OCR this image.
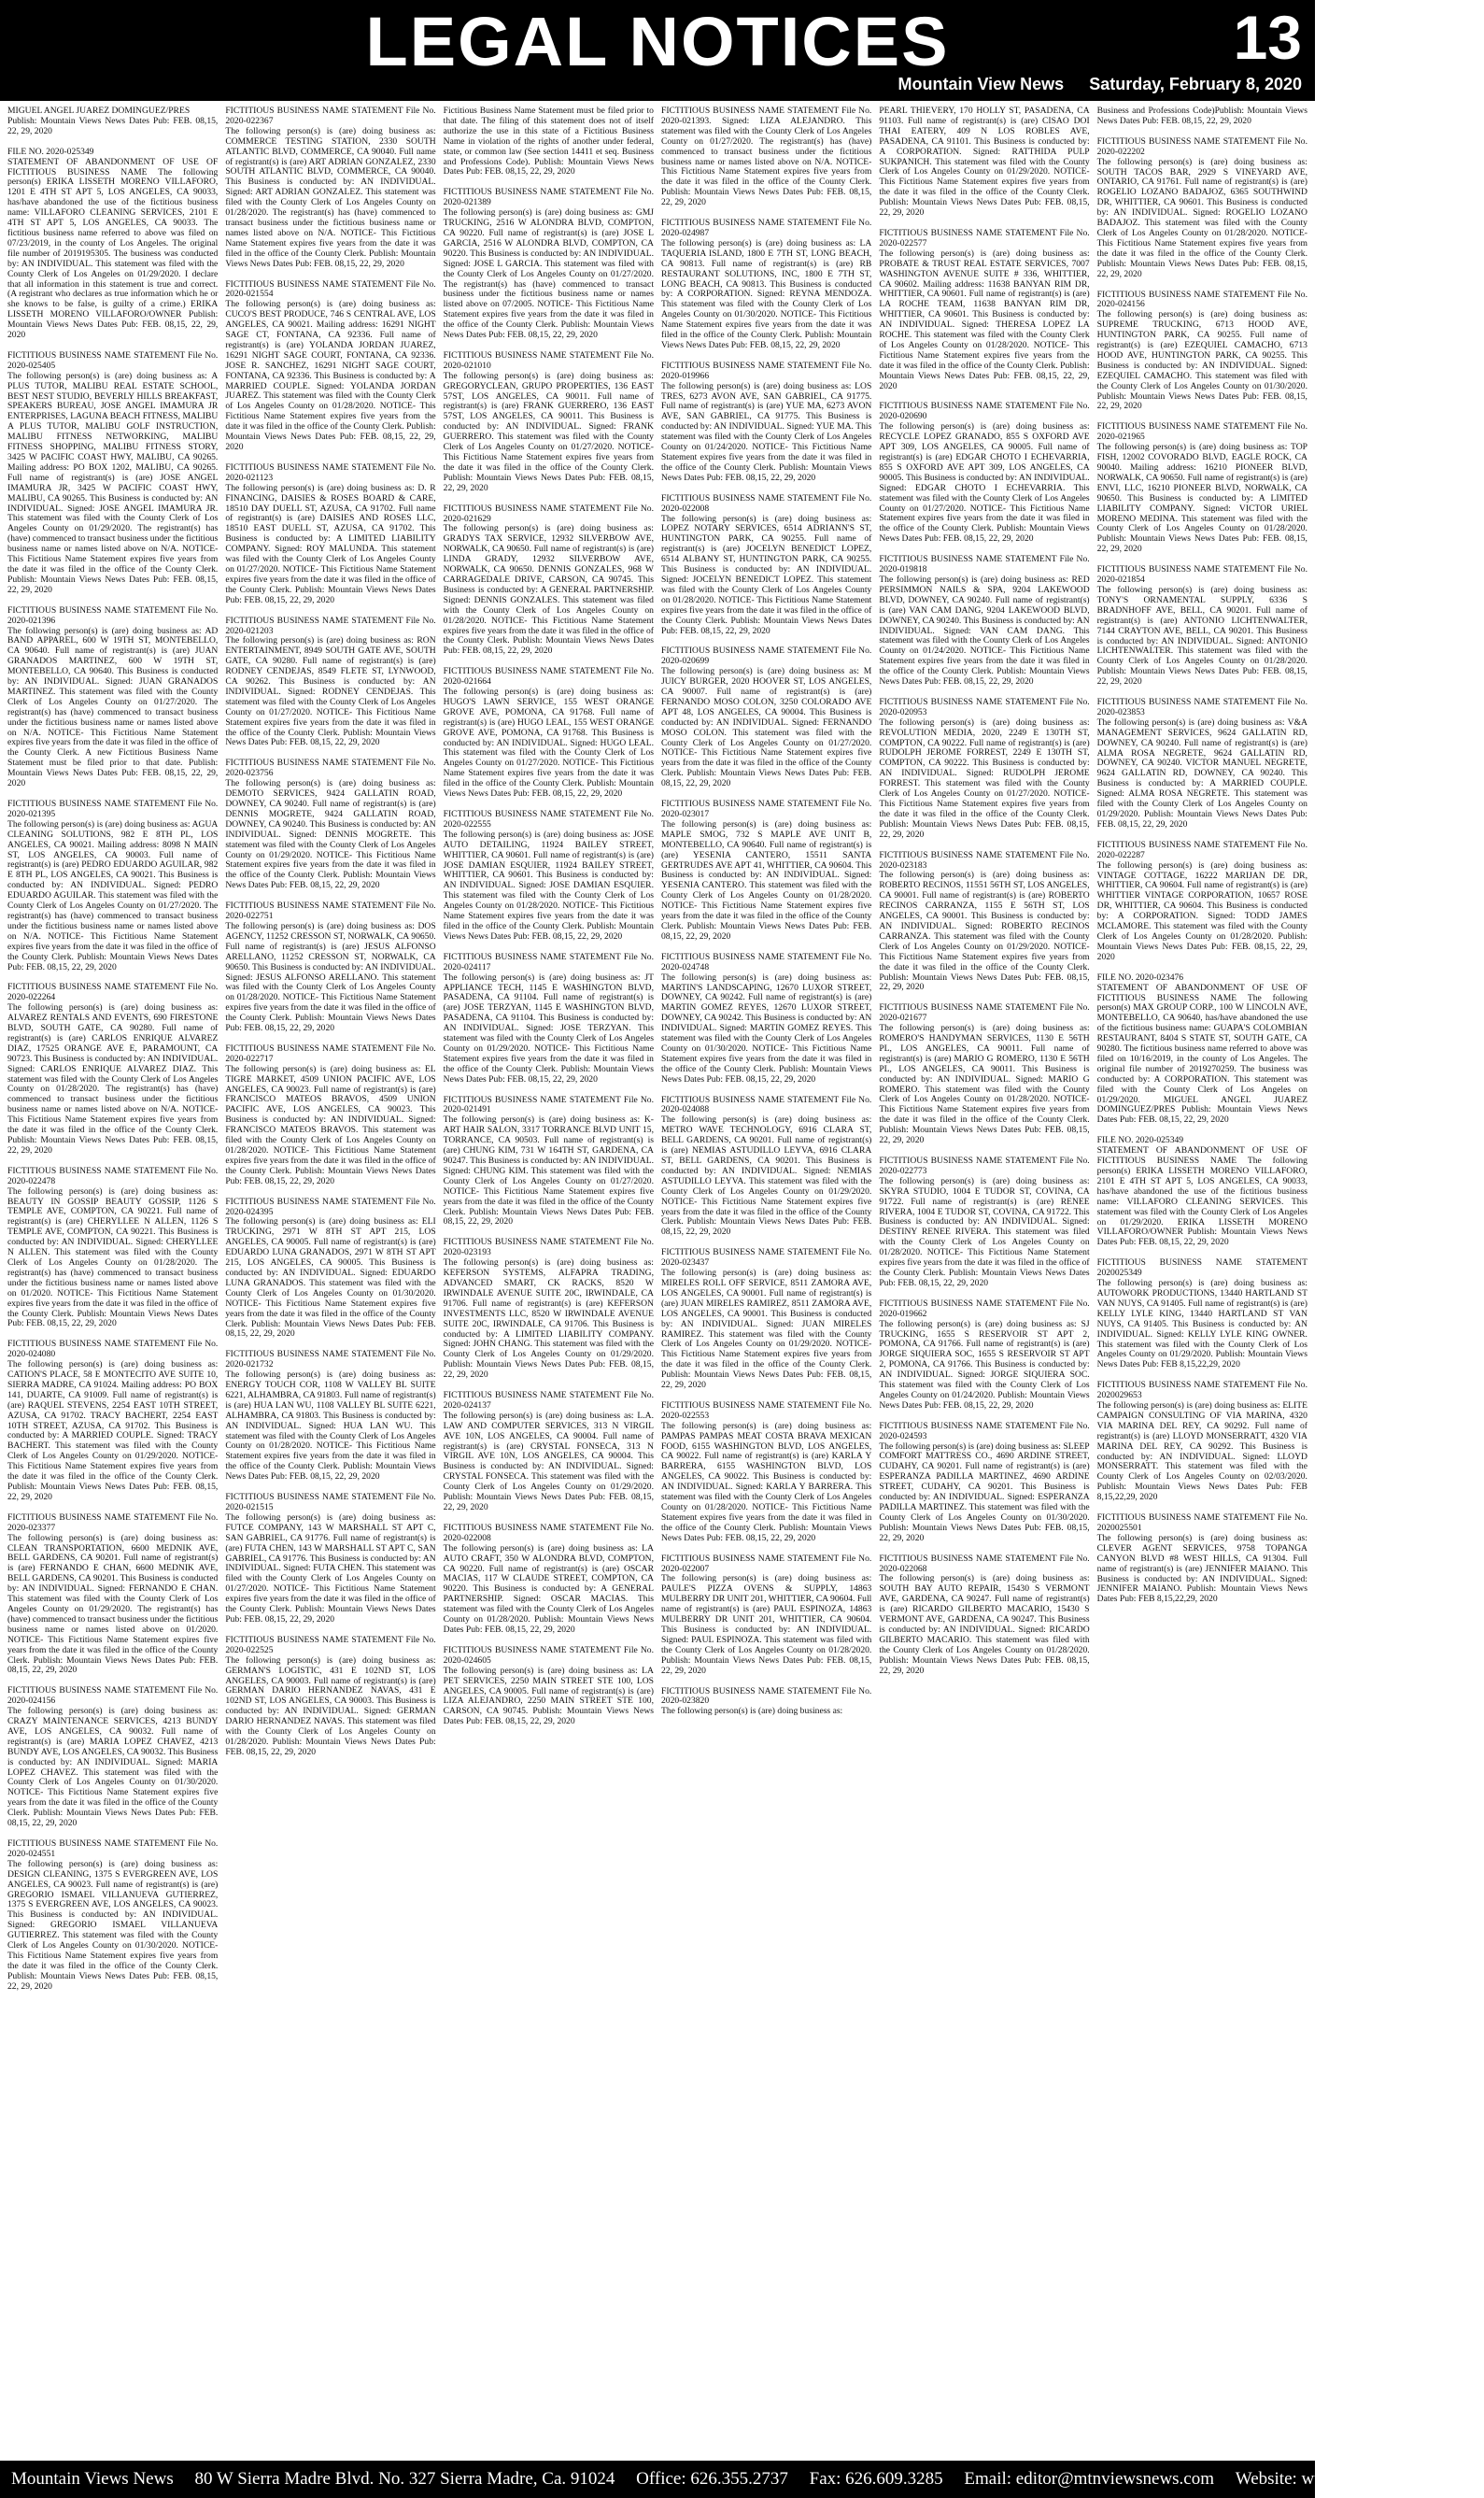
LEGAL NOTICES	13
Mountain View News Saturday, February 8, 2020

MIGUEL ANGEL JUAREZ DOMINGUEZ/PRES

Publish: Mountain Views News Dates Pub: FEB. 08,15, 22, 29, 2020

FILE NO. 2020-025349

STATEMENT OF ABANDONMENT OF USE OF FICTITIOUS BUSINESS NAME The following person(s) ERIKA LISSETH MORENO VILLAFORO, 1201 E 4TH ST APT 5, LOS ANGELES, CA 90033, has/have abandoned the use of the fictitious business name: VILLAFORO CLEANING SERVICES, 2101 E 4TH ST APT 5, LOS ANGELES, CA 90033. The fictitious business name referred to above was filed on 07/23/2019, in the county of Los Angeles. The original file number of 2019195305. The business was conducted by: AN INDIVIDUAL. This statement was filed with the County Clerk of Los Angeles on 01/29/2020. I declare that all information in this statement is true and correct. (A registrant who declares as true information which he or she knows to be false, is guilty of a crime.) ERIKA LISSETH MORENO VILLAFORO/OWNER Publish: Mountain Views News Dates Pub: FEB. 08,15, 22, 29, 2020

FICTITIOUS BUSINESS NAME STATEMENT File No. 2020-025405

The following person(s) is (are) doing business as: A PLUS TUTOR, MALIBU REAL ESTATE SCHOOL, BEST NEST STUDIO, BEVERLY HILLS BREAKFAST, SPEAKERS BUREAU, JOSE ANGEL IMAMURA JR ENTERPRISES, LAGUNA BEACH FITNESS, MALIBU A PLUS TUTOR, MALIBU GOLF INSTRUCTION, MALIBU FITNESS NETWORKING, MALIBU FITNESS SHOPPING, MALIBU FITNESS STORY, 3425 W PACIFIC COAST HWY, MALIBU, CA 90265. Mailing address: PO BOX 1202, MALIBU, CA 90265. Full name of registrant(s) is (are) JOSE ANGEL IMAMURA JR, 3425 W PACIFIC COAST HWY, MALIBU, CA 90265. This Business is conducted by: AN INDIVIDUAL. Signed: JOSE ANGEL IMAMURA JR. This statement was filed with the County Clerk of Los Angeles County on 01/29/2020. The registrant(s) has (have) commenced to transact business under the fictitious business name or names listed above on N/A. NOTICE- This Fictitious Name Statement expires five years from the date it was filed in the office of the County Clerk. Publish: Mountain Views News Dates Pub: FEB. 08,15, 22, 29, 2020

FICTITIOUS BUSINESS NAME STATEMENT File No. 2020-021396

The following person(s) is (are) doing business as: AD BAND APPAREL, 600 W 19TH ST, MONTEBELLO, CA 90640. Full name of registrant(s) is (are) JUAN GRANADOS MARTINEZ, 600 W 19TH ST, MONTEBELLO, CA 90640. This Business is conducted by: AN INDIVIDUAL. Signed: JUAN GRANADOS MARTINEZ. This statement was filed with the County Clerk of Los Angeles County on 01/27/2020. The registrant(s) has (have) commenced to transact business under the fictitious business name or names listed above on N/A. NOTICE- This Fictitious Name Statement expires five years from the date it was filed in the office of the County Clerk. A new Fictitious Business Name Statement must be filed prior to that date. Publish: Mountain Views News Dates Pub: FEB. 08,15, 22, 29, 2020

FICTITIOUS BUSINESS NAME STATEMENT File No. 2020-021395

The following person(s) is (are) doing business as: AGUA CLEANING SOLUTIONS, 982 E 8TH PL, LOS ANGELES, CA 90021. Mailing address: 8098 N MAIN ST, LOS ANGELES, CA 90003. Full name of registrant(s) is (are) PEDRO EDUARDO AGUILAR, 982 E 8TH PL, LOS ANGELES, CA 90021. This Business is conducted by: AN INDIVIDUAL. Signed: PEDRO EDUARDO AGUILAR. This statement was filed with the County Clerk of Los Angeles County on 01/27/2020. The registrant(s) has (have) commenced to transact business under the fictitious business name or names listed above on N/A. NOTICE- This Fictitious Name Statement expires five years from the date it was filed in the office of the County Clerk. Publish: Mountain Views News Dates Pub: FEB. 08,15, 22, 29, 2020

FICTITIOUS BUSINESS NAME STATEMENT File No. 2020-022264

The following person(s) is (are) doing business as: ALVAREZ RENTALS AND EVENTS, 690 FIRESTONE BLVD, SOUTH GATE, CA 90280. Full name of registrant(s) is (are) CARLOS ENRIQUE ALVAREZ DIAZ, 17525 ORANGE AVE E, PARAMOUNT, CA 90723. This Business is conducted by: AN INDIVIDUAL. Signed: CARLOS ENRIQUE ALVAREZ DIAZ. This statement was filed with the County Clerk of Los Angeles County on 01/28/2020. The registrant(s) has (have) commenced to transact business under the fictitious business name or names listed above on N/A. NOTICE- This Fictitious Name Statement expires five years from the date it was filed in the office of the County Clerk. Publish: Mountain Views News Dates Pub: FEB. 08,15, 22, 29, 2020

FICTITIOUS BUSINESS NAME STATEMENT File No. 2020-022478

The following person(s) is (are) doing business as: BEAUTY IN GOSSIP BEAUTY GOSSIP, 1126 S TEMPLE AVE, COMPTON, CA 90221. Full name of registrant(s) is (are) CHERYLLEE N ALLEN, 1126 S TEMPLE AVE, COMPTON, CA 90221. This Business is conducted by: AN INDIVIDUAL. Signed: CHERYLLEE N ALLEN. This statement was filed with the County Clerk of Los Angeles County on 01/28/2020. The registrant(s) has (have) commenced to transact business under the fictitious business name or names listed above on 01/2020. NOTICE- This Fictitious Name Statement expires five years from the date it was filed in the office of the County Clerk. Publish: Mountain Views News Dates Pub: FEB. 08,15, 22, 29, 2020

FICTITIOUS BUSINESS NAME STATEMENT File No. 2020-024080

The following person(s) is (are) doing business as: CATION'S PLACE, 58 E MONTECITO AVE SUITE 10, SIERRA MADRE, CA 91024. Mailing address: PO BOX 141, DUARTE, CA 91009. Full name of registrant(s) is (are) RAQUEL STEVENS, 2254 EAST 10TH STREET, AZUSA, CA 91702. TRACY BACHERT, 2254 EAST 10TH STREET, AZUSA, CA 91702. This Business is conducted by: A MARRIED COUPLE. Signed: TRACY BACHERT. This statement was filed with the County Clerk of Los Angeles County on 01/29/2020. NOTICE- This Fictitious Name Statement expires five years from the date it was filed in the office of the County Clerk. Publish: Mountain Views News Dates Pub: FEB. 08,15, 22, 29, 2020

FICTITIOUS BUSINESS NAME STATEMENT File No. 2020-023377

The following person(s) is (are) doing business as: CLEAN TRANSPORTATION, 6600 MEDNIK AVE, BELL GARDENS, CA 90201. Full name of registrant(s) is (are) FERNANDO E CHAN, 6600 MEDNIK AVE, BELL GARDENS, CA 90201. This Business is conducted by: AN INDIVIDUAL. Signed: FERNANDO E CHAN. This statement was filed with the County Clerk of Los Angeles County on 01/29/2020. The registrant(s) has (have) commenced to transact business under the fictitious business name or names listed above on 01/2020. NOTICE- This Fictitious Name Statement expires five years from the date it was filed in the office of the County Clerk. Publish: Mountain Views News Dates Pub: FEB. 08,15, 22, 29, 2020

FICTITIOUS BUSINESS NAME STATEMENT File No. 2020-024156

The following person(s) is (are) doing business as: CRAZY MAINTENANCE SERVICES, 4213 BUNDY AVE, LOS ANGELES, CA 90032. Full name of registrant(s) is (are) MARIA LOPEZ CHAVEZ, 4213 BUNDY AVE, LOS ANGELES, CA 90032. This Business is conducted by: AN INDIVIDUAL. Signed: MARIA LOPEZ CHAVEZ. This statement was filed with the County Clerk of Los Angeles County on 01/30/2020. NOTICE- This Fictitious Name Statement expires five years from the date it was filed in the office of the County Clerk. Publish: Mountain Views News Dates Pub: FEB. 08,15, 22, 29, 2020

FICTITIOUS BUSINESS NAME STATEMENT File No. 2020-024551

The following person(s) is (are) doing business as: DESIGN CLEANING, 1375 S EVERGREEN AVE, LOS ANGELES, CA 90023. Full name of registrant(s) is (are) GREGORIO ISMAEL VILLANUEVA GUTIERREZ, 1375 S EVERGREEN AVE, LOS ANGELES, CA 90023. This Business is conducted by: AN INDIVIDUAL. Signed: GREGORIO ISMAEL VILLANUEVA GUTIERREZ. This statement was filed with the County Clerk of Los Angeles County on 01/30/2020. NOTICE- This Fictitious Name Statement expires five years from the date it was filed in the office of the County Clerk. Publish: Mountain Views News Dates Pub: FEB. 08,15, 22, 29, 2020

FICTITIOUS BUSINESS NAME STATEMENT File No. 2020-022367

The following person(s) is (are) doing business as: COMMERCE TESTING STATION, 2330 SOUTH ATLANTIC BLVD, COMMERCE, CA 90040. Full name of registrant(s) is (are) ART ADRIAN GONZALEZ, 2330 SOUTH ATLANTIC BLVD, COMMERCE, CA 90040. This Business is conducted by: AN INDIVIDUAL. Signed: ART ADRIAN GONZALEZ. This statement was filed with the County Clerk of Los Angeles County on 01/28/2020. The registrant(s) has (have) commenced to transact business under the fictitious business name or names listed above on N/A. NOTICE- This Fictitious Name Statement expires five years from the date it was filed in the office of the County Clerk. Publish: Mountain Views News Dates Pub: FEB. 08,15, 22, 29, 2020

FICTITIOUS BUSINESS NAME STATEMENT File No. 2020-021554

The following person(s) is (are) doing business as: CUCO'S BEST PRODUCE, 746 S CENTRAL AVE, LOS ANGELES, CA 90021. Mailing address: 16291 NIGHT SAGE CT, FONTANA, CA 92336. Full name of registrant(s) is (are) YOLANDA JORDAN JUAREZ, 16291 NIGHT SAGE COURT, FONTANA, CA 92336. JOSE R. SANCHEZ, 16291 NIGHT SAGE COURT, FONTANA, CA 92336. This Business is conducted by: A MARRIED COUPLE. Signed: YOLANDA JORDAN JUAREZ. This statement was filed with the County Clerk of Los Angeles County on 01/28/2020. NOTICE- This Fictitious Name Statement expires five years from the date it was filed in the office of the County Clerk. Publish: Mountain Views News Dates Pub: FEB. 08,15, 22, 29, 2020

FICTITIOUS BUSINESS NAME STATEMENT File No. 2020-021123

The following person(s) is (are) doing business as: D. R FINANCING, DAISIES & ROSES BOARD & CARE, 18510 DAY DUELL ST, AZUSA, CA 91702. Full name of registrant(s) is (are) DAISIES AND ROSES LLC, 18510 EAST DUELL ST, AZUSA, CA 91702. This Business is conducted by: A LIMITED LIABILITY COMPANY. Signed: ROY MALUNDA. This statement was filed with the County Clerk of Los Angeles County on 01/27/2020. NOTICE- This Fictitious Name Statement expires five years from the date it was filed in the office of the County Clerk. Publish: Mountain Views News Dates Pub: FEB. 08,15, 22, 29, 2020

FICTITIOUS BUSINESS NAME STATEMENT File No. 2020-021203

The following person(s) is (are) doing business as: RON ENTERTAINMENT, 8949 SOUTH GATE AVE, SOUTH GATE, CA 90280. Full name of registrant(s) is (are) RODNEY CENDEJAS, 8549 FLETE ST, LYNWOOD, CA 90262. This Business is conducted by: AN INDIVIDUAL. Signed: RODNEY CENDEJAS. This statement was filed with the County Clerk of Los Angeles County on 01/27/2020. NOTICE- This Fictitious Name Statement expires five years from the date it was filed in the office of the County Clerk. Publish: Mountain Views News Dates Pub: FEB. 08,15, 22, 29, 2020

FICTITIOUS BUSINESS NAME STATEMENT File No. 2020-023756

The following person(s) is (are) doing business as: DEMOTO SERVICES, 9424 GALLATIN ROAD, DOWNEY, CA 90240. Full name of registrant(s) is (are) DENNIS MOGRETE, 9424 GALLATIN ROAD, DOWNEY, CA 90240. This Business is conducted by: AN INDIVIDUAL. Signed: DENNIS MOGRETE. This statement was filed with the County Clerk of Los Angeles County on 01/29/2020. NOTICE- This Fictitious Name Statement expires five years from the date it was filed in the office of the County Clerk. Publish: Mountain Views News Dates Pub: FEB. 08,15, 22, 29, 2020

FICTITIOUS BUSINESS NAME STATEMENT File No. 2020-022751

The following person(s) is (are) doing business as: DOS AGENCY, 11252 CRESSON ST, NORWALK, CA 90650. Full name of registrant(s) is (are) JESUS ALFONSO ARELLANO, 11252 CRESSON ST, NORWALK, CA 90650. This Business is conducted by: AN INDIVIDUAL. Signed: JESUS ALFONSO ARELLANO. This statement was filed with the County Clerk of Los Angeles County on 01/28/2020. NOTICE- This Fictitious Name Statement expires five years from the date it was filed in the office of the County Clerk. Publish: Mountain Views News Dates Pub: FEB. 08,15, 22, 29, 2020

FICTITIOUS BUSINESS NAME STATEMENT File No. 2020-022717

The following person(s) is (are) doing business as: EL TIGRE MARKET, 4509 UNION PACIFIC AVE, LOS ANGELES, CA 90023. Full name of registrant(s) is (are) FRANCISCO MATEOS BRAVOS, 4509 UNION PACIFIC AVE, LOS ANGELES, CA 90023. This Business is conducted by: AN INDIVIDUAL. Signed: FRANCISCO MATEOS BRAVOS. This statement was filed with the County Clerk of Los Angeles County on 01/28/2020. NOTICE- This Fictitious Name Statement expires five years from the date it was filed in the office of the County Clerk. Publish: Mountain Views News Dates Pub: FEB. 08,15, 22, 29, 2020

FICTITIOUS BUSINESS NAME STATEMENT File No. 2020-024395

The following person(s) is (are) doing business as: ELI TRUCKING, 2971 W 8TH ST APT 215, LOS ANGELES, CA 90005. Full name of registrant(s) is (are) EDUARDO LUNA GRANADOS, 2971 W 8TH ST APT 215, LOS ANGELES, CA 90005. This Business is conducted by: AN INDIVIDUAL. Signed: EDUARDO LUNA GRANADOS. This statement was filed with the County Clerk of Los Angeles County on 01/30/2020. NOTICE- This Fictitious Name Statement expires five years from the date it was filed in the office of the County Clerk. Publish: Mountain Views News Dates Pub: FEB. 08,15, 22, 29, 2020

FICTITIOUS BUSINESS NAME STATEMENT File No. 2020-021732

The following person(s) is (are) doing business as: ENERGY TOUCH COR, 1108 W VALLEY BL SUITE 6221, ALHAMBRA, CA 91803. Full name of registrant(s) is (are) HUA LAN WU, 1108 VALLEY BL SUITE 6221, ALHAMBRA, CA 91803. This Business is conducted by: AN INDIVIDUAL. Signed: HUA LAN WU. This statement was filed with the County Clerk of Los Angeles County on 01/28/2020. NOTICE- This Fictitious Name Statement expires five years from the date it was filed in the office of the County Clerk. Publish: Mountain Views News Dates Pub: FEB. 08,15, 22, 29, 2020

FICTITIOUS BUSINESS NAME STATEMENT File No. 2020-021515

The following person(s) is (are) doing business as: FUTCE COMPANY, 143 W MARSHALL ST APT C, SAN GABRIEL, CA 91776. Full name of registrant(s) is (are) FUTA CHEN, 143 W MARSHALL ST APT C, SAN GABRIEL, CA 91776. This Business is conducted by: AN INDIVIDUAL. Signed: FUTA CHEN. This statement was filed with the County Clerk of Los Angeles County on 01/27/2020. NOTICE- This Fictitious Name Statement expires five years from the date it was filed in the office of the County Clerk. Publish: Mountain Views News Dates Pub: FEB. 08,15, 22, 29, 2020

FICTITIOUS BUSINESS NAME STATEMENT File No. 2020-022525

The following person(s) is (are) doing business as: GERMAN'S LOGISTIC, 431 E 102ND ST, LOS ANGELES, CA 90003. Full name of registrant(s) is (are) GERMAN DARIO HERNANDEZ NAVAS, 431 E 102ND ST, LOS ANGELES, CA 90003. This Business is conducted by: AN INDIVIDUAL. Signed: GERMAN DARIO HERNANDEZ NAVAS. This statement was filed with the County Clerk of Los Angeles County on 01/28/2020. Publish: Mountain Views News Dates Pub: FEB. 08,15, 22, 29, 2020

Fictitious Business Name Statement must be filed prior to that date. The filing of this statement does not of itself authorize the use in this state of a Fictitious Business Name in violation of the rights of another under federal, state, or common law (See section 14411 et seq. Business and Professions Code). Publish: Mountain Views News Dates Pub: FEB. 08,15, 22, 29, 2020

FICTITIOUS BUSINESS NAME STATEMENT File No. 2020-021389

The following person(s) is (are) doing business as: GMJ TRUCKING, 2516 W ALONDRA BLVD, COMPTON, CA 90220. Full name of registrant(s) is (are) JOSE L GARCIA, 2516 W ALONDRA BLVD, COMPTON, CA 90220. This Business is conducted by: AN INDIVIDUAL. Signed: JOSE L GARCIA. This statement was filed with the County Clerk of Los Angeles County on 01/27/2020. The registrant(s) has (have) commenced to transact business under the fictitious business name or names listed above on 07/2005. NOTICE- This Fictitious Name Statement expires five years from the date it was filed in the office of the County Clerk. Publish: Mountain Views News Dates Pub: FEB. 08,15, 22, 29, 2020

FICTITIOUS BUSINESS NAME STATEMENT File No. 2020-021010

The following person(s) is (are) doing business as: GREGORYCLEAN, GRUPO PROPERTIES, 136 EAST 57ST, LOS ANGELES, CA 90011. Full name of registrant(s) is (are) FRANK GUERRERO, 136 EAST 57ST, LOS ANGELES, CA 90011. This Business is conducted by: AN INDIVIDUAL. Signed: FRANK GUERRERO. This statement was filed with the County Clerk of Los Angeles County on 01/27/2020. NOTICE- This Fictitious Name Statement expires five years from the date it was filed in the office of the County Clerk. Publish: Mountain Views News Dates Pub: FEB. 08,15, 22, 29, 2020

FICTITIOUS BUSINESS NAME STATEMENT File No. 2020-021629

The following person(s) is (are) doing business as: GRADYS TAX SERVICE, 12932 SILVERBOW AVE, NORWALK, CA 90650. Full name of registrant(s) is (are) LINDA GRADY, 12932 SILVERBOW AVE, NORWALK, CA 90650. DENNIS GONZALES, 968 W CARRAGEDALE DRIVE, CARSON, CA 90745. This Business is conducted by: A GENERAL PARTNERSHIP. Signed: DENNIS GONZALES. This statement was filed with the County Clerk of Los Angeles County on 01/28/2020. NOTICE- This Fictitious Name Statement expires five years from the date it was filed in the office of the County Clerk. Publish: Mountain Views News Dates Pub: FEB. 08,15, 22, 29, 2020

FICTITIOUS BUSINESS NAME STATEMENT File No. 2020-021664

The following person(s) is (are) doing business as: HUGO'S LAWN SERVICE, 155 WEST ORANGE GROVE AVE, POMONA, CA 91768. Full name of registrant(s) is (are) HUGO LEAL, 155 WEST ORANGE GROVE AVE, POMONA, CA 91768. This Business is conducted by: AN INDIVIDUAL. Signed: HUGO LEAL. This statement was filed with the County Clerk of Los Angeles County on 01/27/2020. NOTICE- This Fictitious Name Statement expires five years from the date it was filed in the office of the County Clerk. Publish: Mountain Views News Dates Pub: FEB. 08,15, 22, 29, 2020

FICTITIOUS BUSINESS NAME STATEMENT File No. 2020-022555

The following person(s) is (are) doing business as: JOSE AUTO DETAILING, 11924 BAILEY STREET, WHITTIER, CA 90601. Full name of registrant(s) is (are) JOSE DAMIAN ESQUIER, 11924 BAILEY STREET, WHITTIER, CA 90601. This Business is conducted by: AN INDIVIDUAL. Signed: JOSE DAMIAN ESQUIER. This statement was filed with the County Clerk of Los Angeles County on 01/28/2020. NOTICE- This Fictitious Name Statement expires five years from the date it was filed in the office of the County Clerk. Publish: Mountain Views News Dates Pub: FEB. 08,15, 22, 29, 2020

FICTITIOUS BUSINESS NAME STATEMENT File No. 2020-024117

The following person(s) is (are) doing business as: JT APPLIANCE TECH, 1145 E WASHINGTON BLVD, PASADENA, CA 91104. Full name of registrant(s) is (are) JOSE TERZYAN, 1145 E WASHINGTON BLVD, PASADENA, CA 91104. This Business is conducted by: AN INDIVIDUAL. Signed: JOSE TERZYAN. This statement was filed with the County Clerk of Los Angeles County on 01/29/2020. NOTICE- This Fictitious Name Statement expires five years from the date it was filed in the office of the County Clerk. Publish: Mountain Views News Dates Pub: FEB. 08,15, 22, 29, 2020

FICTITIOUS BUSINESS NAME STATEMENT File No. 2020-021491

The following person(s) is (are) doing business as: K-ART HAIR SALON, 3317 TORRANCE BLVD UNIT 15, TORRANCE, CA 90503. Full name of registrant(s) is (are) CHUNG KIM, 731 W 164TH ST, GARDENA, CA 90247. This Business is conducted by: AN INDIVIDUAL. Signed: CHUNG KIM. This statement was filed with the County Clerk of Los Angeles County on 01/27/2020. NOTICE- This Fictitious Name Statement expires five years from the date it was filed in the office of the County Clerk. Publish: Mountain Views News Dates Pub: FEB. 08,15, 22, 29, 2020

FICTITIOUS BUSINESS NAME STATEMENT File No. 2020-023193

The following person(s) is (are) doing business as: KEFERSON SYSTEMS, ALFAPRA TRADING, ADVANCED SMART, CK RACKS, 8520 W IRWINDALE AVENUE SUITE 20C, IRWINDALE, CA 91706. Full name of registrant(s) is (are) KEFERSON INVESTMENTS LLC, 8520 W IRWINDALE AVENUE SUITE 20C, IRWINDALE, CA 91706. This Business is conducted by: A LIMITED LIABILITY COMPANY. Signed: JOHN CHANG. This statement was filed with the County Clerk of Los Angeles County on 01/29/2020. Publish: Mountain Views News Dates Pub: FEB. 08,15, 22, 29, 2020

FICTITIOUS BUSINESS NAME STATEMENT File No. 2020-024137

The following person(s) is (are) doing business as: L.A. LAW AND COMPUTER SERVICES, 313 N VIRGIL AVE 10N, LOS ANGELES, CA 90004. Full name of registrant(s) is (are) CRYSTAL FONSECA, 313 N VIRGIL AVE 10N, LOS ANGELES, CA 90004. This Business is conducted by: AN INDIVIDUAL. Signed: CRYSTAL FONSECA. This statement was filed with the County Clerk of Los Angeles County on 01/29/2020. Publish: Mountain Views News Dates Pub: FEB. 08,15, 22, 29, 2020

FICTITIOUS BUSINESS NAME STATEMENT File No. 2020-022008

The following person(s) is (are) doing business as: LA AUTO CRAFT, 350 W ALONDRA BLVD, COMPTON, CA 90220. Full name of registrant(s) is (are) OSCAR MACIAS, 117 W CLAUDE STREET, COMPTON, CA 90220. This Business is conducted by: A GENERAL PARTNERSHIP. Signed: OSCAR MACIAS. This statement was filed with the County Clerk of Los Angeles County on 01/28/2020. Publish: Mountain Views News Dates Pub: FEB. 08,15, 22, 29, 2020

FICTITIOUS BUSINESS NAME STATEMENT File No. 2020-024605

The following person(s) is (are) doing business as: LA PET SERVICES, 2250 MAIN STREET STE 100, LOS ANGELES, CA 90005. Full name of registrant(s) is (are) LIZA ALEJANDRO, 2250 MAIN STREET STE 100, CARSON, CA 90745. Publish: Mountain Views News Dates Pub: FEB. 08,15, 22, 29, 2020

FICTITIOUS BUSINESS NAME STATEMENT File No. 2020-021393. Signed: LIZA ALEJANDRO. This statement was filed with the County Clerk of Los Angeles County on 01/27/2020. The registrant(s) has (have) commenced to transact business under the fictitious business name or names listed above on N/A. NOTICE- This Fictitious Name Statement expires five years from the date it was filed in the office of the County Clerk. Publish: Mountain Views News Dates Pub: FEB. 08,15, 22, 29, 2020

FICTITIOUS BUSINESS NAME STATEMENT File No. 2020-024987

The following person(s) is (are) doing business as: LA TAQUERIA ISLAND, 1800 E 7TH ST, LONG BEACH, CA 90813. Full name of registrant(s) is (are) RB RESTAURANT SOLUTIONS, INC, 1800 E 7TH ST, LONG BEACH, CA 90813. This Business is conducted by: A CORPORATION. Signed: REYNA MENDOZA. This statement was filed with the County Clerk of Los Angeles County on 01/30/2020. NOTICE- This Fictitious Name Statement expires five years from the date it was filed in the office of the County Clerk. Publish: Mountain Views News Dates Pub: FEB. 08,15, 22, 29, 2020

FICTITIOUS BUSINESS NAME STATEMENT File No. 2020-019966

The following person(s) is (are) doing business as: LOS TRES, 6273 AVON AVE, SAN GABRIEL, CA 91775. Full name of registrant(s) is (are) YUE MA, 6273 AVON AVE, SAN GABRIEL, CA 91775. This Business is conducted by: AN INDIVIDUAL. Signed: YUE MA. This statement was filed with the County Clerk of Los Angeles County on 01/24/2020. NOTICE- This Fictitious Name Statement expires five years from the date it was filed in the office of the County Clerk. Publish: Mountain Views News Dates Pub: FEB. 08,15, 22, 29, 2020

FICTITIOUS BUSINESS NAME STATEMENT File No. 2020-022008

The following person(s) is (are) doing business as: LOPEZ NOTARY SERVICES, 6514 ADRIANN'S ST, HUNTINGTON PARK, CA 90255. Full name of registrant(s) is (are) JOCELYN BENEDICT LOPEZ, 6514 ALBANY ST, HUNTINGTON PARK, CA 90255. This Business is conducted by: AN INDIVIDUAL. Signed: JOCELYN BENEDICT LOPEZ. This statement was filed with the County Clerk of Los Angeles County on 01/28/2020. NOTICE- This Fictitious Name Statement expires five years from the date it was filed in the office of the County Clerk. Publish: Mountain Views News Dates Pub: FEB. 08,15, 22, 29, 2020

FICTITIOUS BUSINESS NAME STATEMENT File No. 2020-020699

The following person(s) is (are) doing business as: M JUICY BURGER, 2020 HOOVER ST, LOS ANGELES, CA 90007. Full name of registrant(s) is (are) FERNANDO MOSO COLON, 3250 COLORADO AVE APT 48, LOS ANGELES, CA 90004. This Business is conducted by: AN INDIVIDUAL. Signed: FERNANDO MOSO COLON. This statement was filed with the County Clerk of Los Angeles County on 01/27/2020. NOTICE- This Fictitious Name Statement expires five years from the date it was filed in the office of the County Clerk. Publish: Mountain Views News Dates Pub: FEB. 08,15, 22, 29, 2020

FICTITIOUS BUSINESS NAME STATEMENT File No. 2020-023017

The following person(s) is (are) doing business as: MAPLE SMOG, 732 S MAPLE AVE UNIT B, MONTEBELLO, CA 90640. Full name of registrant(s) is (are) YESENIA CANTERO, 15511 SANTA GERTRUDES AVE APT 41, WHITTIER, CA 90604. This Business is conducted by: AN INDIVIDUAL. Signed: YESENIA CANTERO. This statement was filed with the County Clerk of Los Angeles County on 01/28/2020. NOTICE- This Fictitious Name Statement expires five years from the date it was filed in the office of the County Clerk. Publish: Mountain Views News Dates Pub: FEB. 08,15, 22, 29, 2020

FICTITIOUS BUSINESS NAME STATEMENT File No. 2020-024748

The following person(s) is (are) doing business as: MARTIN'S LANDSCAPING, 12670 LUXOR STREET, DOWNEY, CA 90242. Full name of registrant(s) is (are) MARTIN GOMEZ REYES, 12670 LUXOR STREET, DOWNEY, CA 90242. This Business is conducted by: AN INDIVIDUAL. Signed: MARTIN GOMEZ REYES. This statement was filed with the County Clerk of Los Angeles County on 01/30/2020. NOTICE- This Fictitious Name Statement expires five years from the date it was filed in the office of the County Clerk. Publish: Mountain Views News Dates Pub: FEB. 08,15, 22, 29, 2020

FICTITIOUS BUSINESS NAME STATEMENT File No. 2020-024088

The following person(s) is (are) doing business as: METRO WAVE TECHNOLOGY, 6916 CLARA ST, BELL GARDENS, CA 90201. Full name of registrant(s) is (are) NEMIAS ASTUDILLO LEYVA, 6916 CLARA ST, BELL GARDENS, CA 90201. This Business is conducted by: AN INDIVIDUAL. Signed: NEMIAS ASTUDILLO LEYVA. This statement was filed with the County Clerk of Los Angeles County on 01/29/2020. NOTICE- This Fictitious Name Statement expires five years from the date it was filed in the office of the County Clerk. Publish: Mountain Views News Dates Pub: FEB. 08,15, 22, 29, 2020

FICTITIOUS BUSINESS NAME STATEMENT File No. 2020-023437

The following person(s) is (are) doing business as: MIRELES ROLL OFF SERVICE, 8511 ZAMORA AVE, LOS ANGELES, CA 90001. Full name of registrant(s) is (are) JUAN MIRELES RAMIREZ, 8511 ZAMORA AVE, LOS ANGELES, CA 90001. This Business is conducted by: AN INDIVIDUAL. Signed: JUAN MIRELES RAMIREZ. This statement was filed with the County Clerk of Los Angeles County on 01/29/2020. NOTICE- This Fictitious Name Statement expires five years from the date it was filed in the office of the County Clerk. Publish: Mountain Views News Dates Pub: FEB. 08,15, 22, 29, 2020

FICTITIOUS BUSINESS NAME STATEMENT File No. 2020-022553

The following person(s) is (are) doing business as: PAMPAS PAMPAS MEAT COSTA BRAVA MEXICAN FOOD, 6155 WASHINGTON BLVD, LOS ANGELES, CA 90022. Full name of registrant(s) is (are) KARLA Y BARRERA, 6155 WASHINGTON BLVD, LOS ANGELES, CA 90022. This Business is conducted by: AN INDIVIDUAL. Signed: KARLA Y BARRERA. This statement was filed with the County Clerk of Los Angeles County on 01/28/2020. NOTICE- This Fictitious Name Statement expires five years from the date it was filed in the office of the County Clerk. Publish: Mountain Views News Dates Pub: FEB. 08,15, 22, 29, 2020

FICTITIOUS BUSINESS NAME STATEMENT File No. 2020-022007

The following person(s) is (are) doing business as: PAULE'S PIZZA OVENS & SUPPLY, 14863 MULBERRY DR UNIT 201, WHITTIER, CA 90604. Full name of registrant(s) is (are) PAUL ESPINOZA, 14863 MULBERRY DR UNIT 201, WHITTIER, CA 90604. This Business is conducted by: AN INDIVIDUAL. Signed: PAUL ESPINOZA. This statement was filed with the County Clerk of Los Angeles County on 01/28/2020. Publish: Mountain Views News Dates Pub: FEB. 08,15, 22, 29, 2020

FICTITIOUS BUSINESS NAME STATEMENT File No. 2020-023820

The following person(s) is (are) doing business as:

PEARL THIEVERY, 170 HOLLY ST, PASADENA, CA 91103. Full name of registrant(s) is (are) CISAO DOI THAI EATERY, 409 N LOS ROBLES AVE, PASADENA, CA 91101. This Business is conducted by: A CORPORATION. Signed: RATTHIDA PULP SUKPANICH. This statement was filed with the County Clerk of Los Angeles County on 01/29/2020. NOTICE- This Fictitious Name Statement expires five years from the date it was filed in the office of the County Clerk. Publish: Mountain Views News Dates Pub: FEB. 08,15, 22, 29, 2020

FICTITIOUS BUSINESS NAME STATEMENT File No. 2020-022577

The following person(s) is (are) doing business as: PROBATE & TRUST REAL ESTATE SERVICES, 7007 WASHINGTON AVENUE SUITE # 336, WHITTIER, CA 90602. Mailing address: 11638 BANYAN RIM DR, WHITTIER, CA 90601. Full name of registrant(s) is (are) LA ROCHE TEAM, 11638 BANYAN RIM DR, WHITTIER, CA 90601. This Business is conducted by: AN INDIVIDUAL. Signed: THERESA LOPEZ LA ROCHE. This statement was filed with the County Clerk of Los Angeles County on 01/28/2020. NOTICE- This Fictitious Name Statement expires five years from the date it was filed in the office of the County Clerk. Publish: Mountain Views News Dates Pub: FEB. 08,15, 22, 29, 2020

FICTITIOUS BUSINESS NAME STATEMENT File No. 2020-020690

The following person(s) is (are) doing business as: RECYCLE LOPEZ GRANADO, 855 S OXFORD AVE APT 309, LOS ANGELES, CA 90005. Full name of registrant(s) is (are) EDGAR CHOTO I ECHEVARRIA, 855 S OXFORD AVE APT 309, LOS ANGELES, CA 90005. This Business is conducted by: AN INDIVIDUAL. Signed: EDGAR CHOTO I ECHEVARRIA. This statement was filed with the County Clerk of Los Angeles County on 01/27/2020. NOTICE- This Fictitious Name Statement expires five years from the date it was filed in the office of the County Clerk. Publish: Mountain Views News Dates Pub: FEB. 08,15, 22, 29, 2020

FICTITIOUS BUSINESS NAME STATEMENT File No. 2020-019818

The following person(s) is (are) doing business as: RED PERSIMMON NAILS & SPA, 9204 LAKEWOOD BLVD, DOWNEY, CA 90240. Full name of registrant(s) is (are) VAN CAM DANG, 9204 LAKEWOOD BLVD, DOWNEY, CA 90240. This Business is conducted by: AN INDIVIDUAL. Signed: VAN CAM DANG. This statement was filed with the County Clerk of Los Angeles County on 01/24/2020. NOTICE- This Fictitious Name Statement expires five years from the date it was filed in the office of the County Clerk. Publish: Mountain Views News Dates Pub: FEB. 08,15, 22, 29, 2020

FICTITIOUS BUSINESS NAME STATEMENT File No. 2020-020953

The following person(s) is (are) doing business as: REVOLUTION MEDIA, 2020, 2249 E 130TH ST, COMPTON, CA 90222. Full name of registrant(s) is (are) RUDOLPH JEROME FORREST, 2249 E 130TH ST, COMPTON, CA 90222. This Business is conducted by: AN INDIVIDUAL. Signed: RUDOLPH JEROME FORREST. This statement was filed with the County Clerk of Los Angeles County on 01/27/2020. NOTICE- This Fictitious Name Statement expires five years from the date it was filed in the office of the County Clerk. Publish: Mountain Views News Dates Pub: FEB. 08,15, 22, 29, 2020

FICTITIOUS BUSINESS NAME STATEMENT File No. 2020-023183

The following person(s) is (are) doing business as: ROBERTO RECINOS, 11551 56TH ST, LOS ANGELES, CA 90001. Full name of registrant(s) is (are) ROBERTO RECINOS CARRANZA, 1155 E 56TH ST, LOS ANGELES, CA 90001. This Business is conducted by: AN INDIVIDUAL. Signed: ROBERTO RECINOS CARRANZA. This statement was filed with the County Clerk of Los Angeles County on 01/29/2020. NOTICE- This Fictitious Name Statement expires five years from the date it was filed in the office of the County Clerk. Publish: Mountain Views News Dates Pub: FEB. 08,15, 22, 29, 2020

FICTITIOUS BUSINESS NAME STATEMENT File No. 2020-021677

The following person(s) is (are) doing business as: ROMERO'S HANDYMAN SERVICES, 1130 E 56TH PL, LOS ANGELES, CA 90011. Full name of registrant(s) is (are) MARIO G ROMERO, 1130 E 56TH PL, LOS ANGELES, CA 90011. This Business is conducted by: AN INDIVIDUAL. Signed: MARIO G ROMERO. This statement was filed with the County Clerk of Los Angeles County on 01/28/2020. NOTICE- This Fictitious Name Statement expires five years from the date it was filed in the office of the County Clerk. Publish: Mountain Views News Dates Pub: FEB. 08,15, 22, 29, 2020

FICTITIOUS BUSINESS NAME STATEMENT File No. 2020-022773

The following person(s) is (are) doing business as: SKYRA STUDIO, 1004 E TUDOR ST, COVINA, CA 91722. Full name of registrant(s) is (are) RENEE RIVERA, 1004 E TUDOR ST, COVINA, CA 91722. This Business is conducted by: AN INDIVIDUAL. Signed: DESTINY RENEE RIVERA. This statement was filed with the County Clerk of Los Angeles County on 01/28/2020. NOTICE- This Fictitious Name Statement expires five years from the date it was filed in the office of the County Clerk. Publish: Mountain Views News Dates Pub: FEB. 08,15, 22, 29, 2020

FICTITIOUS BUSINESS NAME STATEMENT File No. 2020-019662

The following person(s) is (are) doing business as: SJ TRUCKING, 1655 S RESERVOIR ST APT 2, POMONA, CA 91766. Full name of registrant(s) is (are) JORGE SIQUIERA SOC, 1655 S RESERVOIR ST APT 2, POMONA, CA 91766. This Business is conducted by: AN INDIVIDUAL. Signed: JORGE SIQUIERA SOC. This statement was filed with the County Clerk of Los Angeles County on 01/24/2020. Publish: Mountain Views News Dates Pub: FEB. 08,15, 22, 29, 2020

FICTITIOUS BUSINESS NAME STATEMENT File No. 2020-024593

The following person(s) is (are) doing business as: SLEEP COMFORT MATTRESS CO., 4690 ARDINE STREET, CUDAHY, CA 90201. Full name of registrant(s) is (are) ESPERANZA PADILLA MARTINEZ, 4690 ARDINE STREET, CUDAHY, CA 90201. This Business is conducted by: AN INDIVIDUAL. Signed: ESPERANZA PADILLA MARTINEZ. This statement was filed with the County Clerk of Los Angeles County on 01/30/2020. Publish: Mountain Views News Dates Pub: FEB. 08,15, 22, 29, 2020

FICTITIOUS BUSINESS NAME STATEMENT File No. 2020-022068

The following person(s) is (are) doing business as: SOUTH BAY AUTO REPAIR, 15430 S VERMONT AVE, GARDENA, CA 90247. Full name of registrant(s) is (are) RICARDO GILBERTO MACARIO, 15430 S VERMONT AVE, GARDENA, CA 90247. This Business is conducted by: AN INDIVIDUAL. Signed: RICARDO GILBERTO MACARIO. This statement was filed with the County Clerk of Los Angeles County on 01/28/2020. Publish: Mountain Views News Dates Pub: FEB. 08,15, 22, 29, 2020

Business and Professions Code)Publish: Mountain Views News Dates Pub: FEB. 08,15, 22, 29, 2020

FICTITIOUS BUSINESS NAME STATEMENT File No. 2020-022202

The following person(s) is (are) doing business as: SOUTH TACOS BAR, 2929 S VINEYARD AVE, ONTARIO, CA 91761. Full name of registrant(s) is (are) ROGELIO LOZANO BADAJOZ, 6365 SOUTHWIND DR, WHITTIER, CA 90601. This Business is conducted by: AN INDIVIDUAL. Signed: ROGELIO LOZANO BADAJOZ. This statement was filed with the County Clerk of Los Angeles County on 01/28/2020. NOTICE- This Fictitious Name Statement expires five years from the date it was filed in the office of the County Clerk. Publish: Mountain Views News Dates Pub: FEB. 08,15, 22, 29, 2020

FICTITIOUS BUSINESS NAME STATEMENT File No. 2020-024156

The following person(s) is (are) doing business as: SUPREME TRUCKING, 6713 HOOD AVE, HUNTINGTON PARK, CA 90255. Full name of registrant(s) is (are) EZEQUIEL CAMACHO, 6713 HOOD AVE, HUNTINGTON PARK, CA 90255. This Business is conducted by: AN INDIVIDUAL. Signed: EZEQUIEL CAMACHO. This statement was filed with the County Clerk of Los Angeles County on 01/30/2020. Publish: Mountain Views News Dates Pub: FEB. 08,15, 22, 29, 2020

FICTITIOUS BUSINESS NAME STATEMENT File No. 2020-021965

The following person(s) is (are) doing business as: TOP FISH, 12002 COVORADO BLVD, EAGLE ROCK, CA 90040. Mailing address: 16210 PIONEER BLVD, NORWALK, CA 90650. Full name of registrant(s) is (are) ENVI, LLC, 16210 PIONEER BLVD, NORWALK, CA 90650. This Business is conducted by: A LIMITED LIABILITY COMPANY. Signed: VICTOR URIEL MORENO MEDINA. This statement was filed with the County Clerk of Los Angeles County on 01/28/2020. Publish: Mountain Views News Dates Pub: FEB. 08,15, 22, 29, 2020

FICTITIOUS BUSINESS NAME STATEMENT File No. 2020-021854

The following person(s) is (are) doing business as: TONY'S ORNAMENTAL SUPPLY, 6336 S BRADNHOFF AVE, BELL, CA 90201. Full name of registrant(s) is (are) ANTONIO LICHTENWALTER, 7144 CRAYTON AVE, BELL, CA 90201. This Business is conducted by: AN INDIVIDUAL. Signed: ANTONIO LICHTENWALTER. This statement was filed with the County Clerk of Los Angeles County on 01/28/2020. Publish: Mountain Views News Dates Pub: FEB. 08,15, 22, 29, 2020

FICTITIOUS BUSINESS NAME STATEMENT File No. 2020-023853

The following person(s) is (are) doing business as: V&A MANAGEMENT SERVICES, 9624 GALLATIN RD, DOWNEY, CA 90240. Full name of registrant(s) is (are) ALMA ROSA NEGRETE, 9624 GALLATIN RD, DOWNEY, CA 90240. VICTOR MANUEL NEGRETE, 9624 GALLATIN RD, DOWNEY, CA 90240. This Business is conducted by: A MARRIED COUPLE. Signed: ALMA ROSA NEGRETE. This statement was filed with the County Clerk of Los Angeles County on 01/29/2020. Publish: Mountain Views News Dates Pub: FEB. 08,15, 22, 29, 2020

FICTITIOUS BUSINESS NAME STATEMENT File No. 2020-022287

The following person(s) is (are) doing business as: VINTAGE COTTAGE, 16222 MARIJAN DE DR, WHITTIER, CA 90604. Full name of registrant(s) is (are) WHITTIER VINTAGE CORPORATION, 10657 ROSE DR, WHITTIER, CA 90604. This Business is conducted by: A CORPORATION. Signed: TODD JAMES MCLAMORE. This statement was filed with the County Clerk of Los Angeles County on 01/28/2020. Publish: Mountain Views News Dates Pub: FEB. 08,15, 22, 29, 2020

FILE NO. 2020-023476

STATEMENT OF ABANDONMENT OF USE OF FICTITIOUS BUSINESS NAME The following person(s) MAX GROUP CORP., 100 W LINCOLN AVE, MONTEBELLO, CA 90640, has/have abandoned the use of the fictitious business name: GUAPA'S COLOMBIAN RESTAURANT, 8404 S STATE ST, SOUTH GATE, CA 90280. The fictitious business name referred to above was filed on 10/16/2019, in the county of Los Angeles. The original file number of 2019270259. The business was conducted by: A CORPORATION. This statement was filed with the County Clerk of Los Angeles on 01/29/2020. MIGUEL ANGEL JUAREZ DOMINGUEZ/PRES Publish: Mountain Views News Dates Pub: FEB. 08,15, 22, 29, 2020

FILE NO. 2020-025349

STATEMENT OF ABANDONMENT OF USE OF FICTITIOUS BUSINESS NAME The following person(s) ERIKA LISSETH MORENO VILLAFORO, 2101 E 4TH ST APT 5, LOS ANGELES, CA 90033, has/have abandoned the use of the fictitious business name: VILLAFORO CLEANING SERVICES. This statement was filed with the County Clerk of Los Angeles on 01/29/2020. ERIKA LISSETH MORENO VILLAFORO/OWNER Publish: Mountain Views News Dates Pub: FEB. 08,15, 22, 29, 2020

FICTITIOUS BUSINESS NAME STATEMENT 2020025349

The following person(s) is (are) doing business as: AUTOWORK PRODUCTIONS, 13440 HARTLAND ST VAN NUYS, CA 91405. Full name of registrant(s) is (are) KELLY LYLE KING, 13440 HARTLAND ST VAN NUYS, CA 91405. This Business is conducted by: AN INDIVIDUAL. Signed: KELLY LYLE KING OWNER. This statement was filed with the County Clerk of Los Angeles County on 01/29/2020. Publish: Mountain Views News Dates Pub: FEB 8,15,22,29, 2020

FICTITIOUS BUSINESS NAME STATEMENT File No. 2020029653

The following person(s) is (are) doing business as: ELITE CAMPAIGN CONSULTING OF VIA MARINA, 4320 VIA MARINA DEL REY, CA 90292. Full name of registrant(s) is (are) LLOYD MONSERRATT, 4320 VIA MARINA DEL REY, CA 90292. This Business is conducted by: AN INDIVIDUAL. Signed: LLOYD MONSERRATT. This statement was filed with the County Clerk of Los Angeles County on 02/03/2020. Publish: Mountain Views News Dates Pub: FEB 8,15,22,29, 2020

FICTITIOUS BUSINESS NAME STATEMENT File No. 2020025501

The following person(s) is (are) doing business as: CLEVER AGENT SERVICES, 9758 TOPANGA CANYON BLVD #8 WEST HILLS, CA 91304. Full name of registrant(s) is (are) JENNIFER MAIANO. This Business is conducted by: AN INDIVIDUAL. Signed: JENNIFER MAIANO. Publish: Mountain Views News Dates Pub: FEB 8,15,22,29, 2020

Mountain Views News 80 W Sierra Madre Blvd. No. 327 Sierra Madre, Ca. 91024 Office: 626.355.2737 Fax: 626.609.3285 Email: editor@mtnviewsnews.com Website: www.mtnviewsnews.com
